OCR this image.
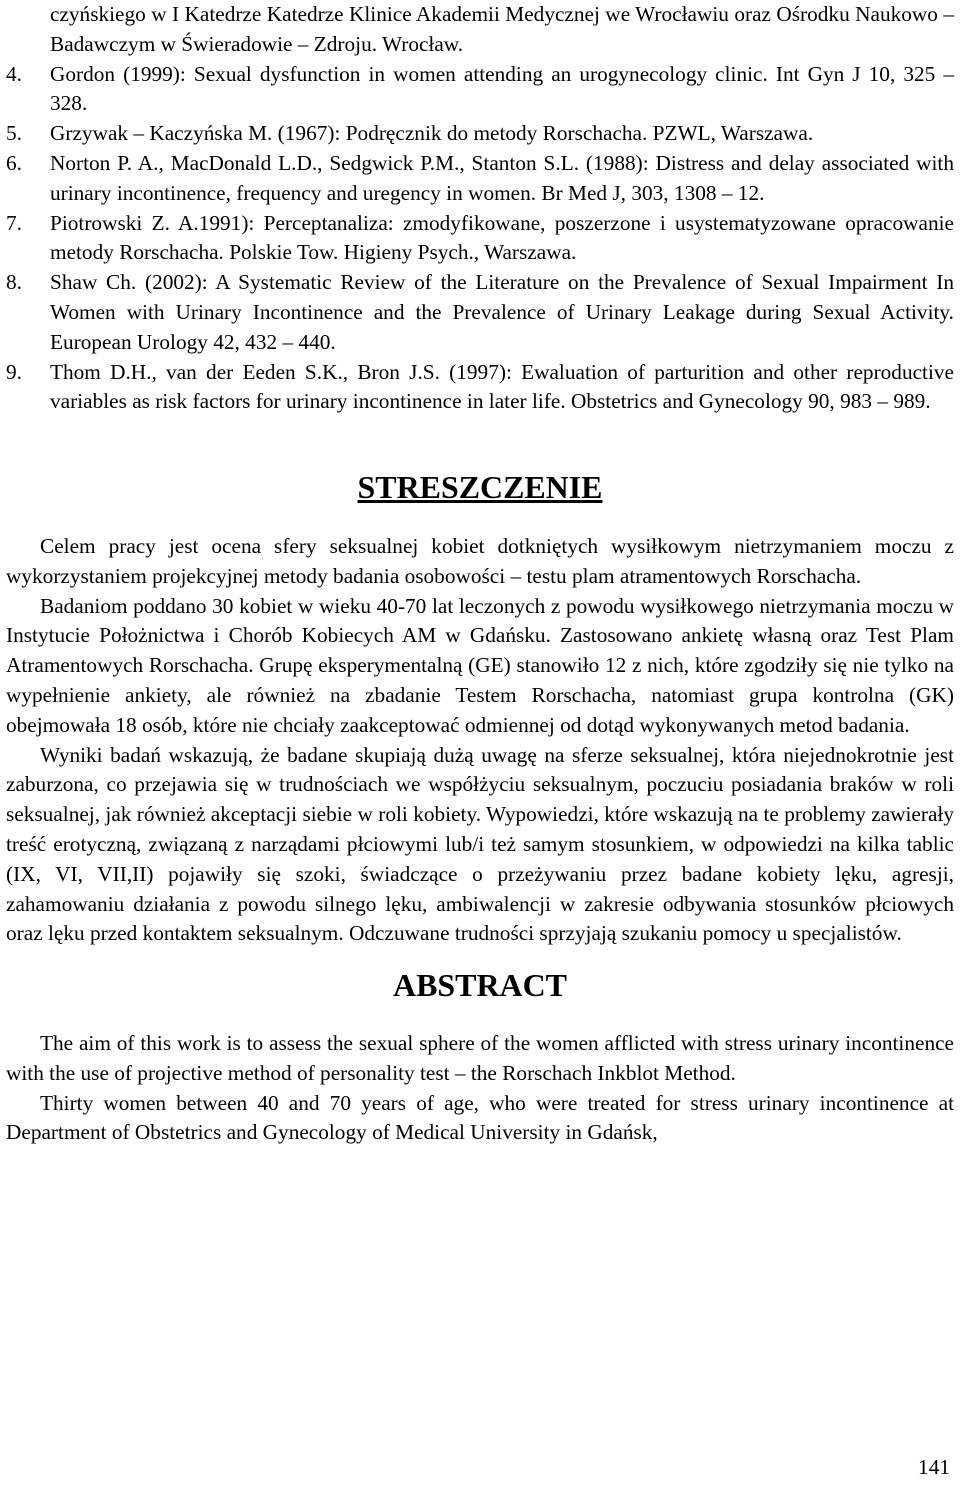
czyńskiego w I Katedrze Katedrze Klinice Akademii Medycznej we Wrocławiu oraz Ośrodku Naukowo – Badawczym w Świeradowie – Zdroju. Wrocław.

4. Gordon (1999): Sexual dysfunction in women attending an urogynecology clinic. Int Gyn J 10, 325 – 328.
5. Grzywak – Kaczyńska M. (1967): Podręcznik do metody Rorschacha. PZWL, Warszawa.
6. Norton P. A., MacDonald L.D., Sedgwick P.M., Stanton S.L. (1988): Distress and delay associated with urinary incontinence, frequency and uregency in women. Br Med J, 303, 1308 – 12.
7. Piotrowski Z. A.1991): Perceptanaliza: zmodyfikowane, poszerzone i usystematyzowane opracowanie metody Rorschacha. Polskie Tow. Higieny Psych., Warszawa.
8. Shaw Ch. (2002): A Systematic Review of the Literature on the Prevalence of Sexual Impairment In Women with Urinary Incontinence and the Prevalence of Urinary Leakage during Sexual Activity. European Urology 42, 432 – 440.
9. Thom D.H., van der Eeden S.K., Bron J.S. (1997): Ewaluation of parturition and other reproductive variables as risk factors for urinary incontinence in later life. Obstetrics and Gynecology 90, 983 – 989.
STRESZCZENIE

Celem pracy jest ocena sfery seksualnej kobiet dotkniętych wysiłkowym nietrzymaniem moczu z wykorzystaniem projekcyjnej metody badania osobowości – testu plam atramentowych Rorschacha.

Badaniom poddano 30 kobiet w wieku 40-70 lat leczonych z powodu wysiłkowego nietrzymania moczu w Instytucie Położnictwa i Chorób Kobiecych AM w Gdańsku. Zastosowano ankietę własną oraz Test Plam Atramentowych Rorschacha. Grupę eksperymentalną (GE) stanowiło 12 z nich, które zgodziły się nie tylko na wypełnienie ankiety, ale również na zbadanie Testem Rorschacha, natomiast grupa kontrolna (GK) obejmowała 18 osób, które nie chciały zaakceptować odmiennej od dotąd wykonywanych metod badania.

Wyniki badań wskazują, że badane skupiają dużą uwagę na sferze seksualnej, która niejednokrotnie jest zaburzona, co przejawia się w trudnościach we współżyciu seksualnym, poczuciu posiadania braków w roli seksualnej, jak również akceptacji siebie w roli kobiety. Wypowiedzi, które wskazują na te problemy zawierały treść erotyczną, związaną z narządami płciowymi lub/i też samym stosunkiem, w odpowiedzi na kilka tablic (IX, VI, VII,II) pojawiły się szoki, świadczące o przeżywaniu przez badane kobiety lęku, agresji, zahamowaniu działania z powodu silnego lęku, ambiwalencji w zakresie odbywania stosunków płciowych oraz lęku przed kontaktem seksualnym. Odczuwane trudności sprzyjają szukaniu pomocy u specjalistów.

ABSTRACT

The aim of this work is to assess the sexual sphere of the women afflicted with stress urinary incontinence with the use of projective method of personality test – the Rorschach Inkblot Method.

Thirty women between 40 and 70 years of age, who were treated for stress urinary incontinence at Department of Obstetrics and Gynecology of Medical University in Gdańsk,

141
